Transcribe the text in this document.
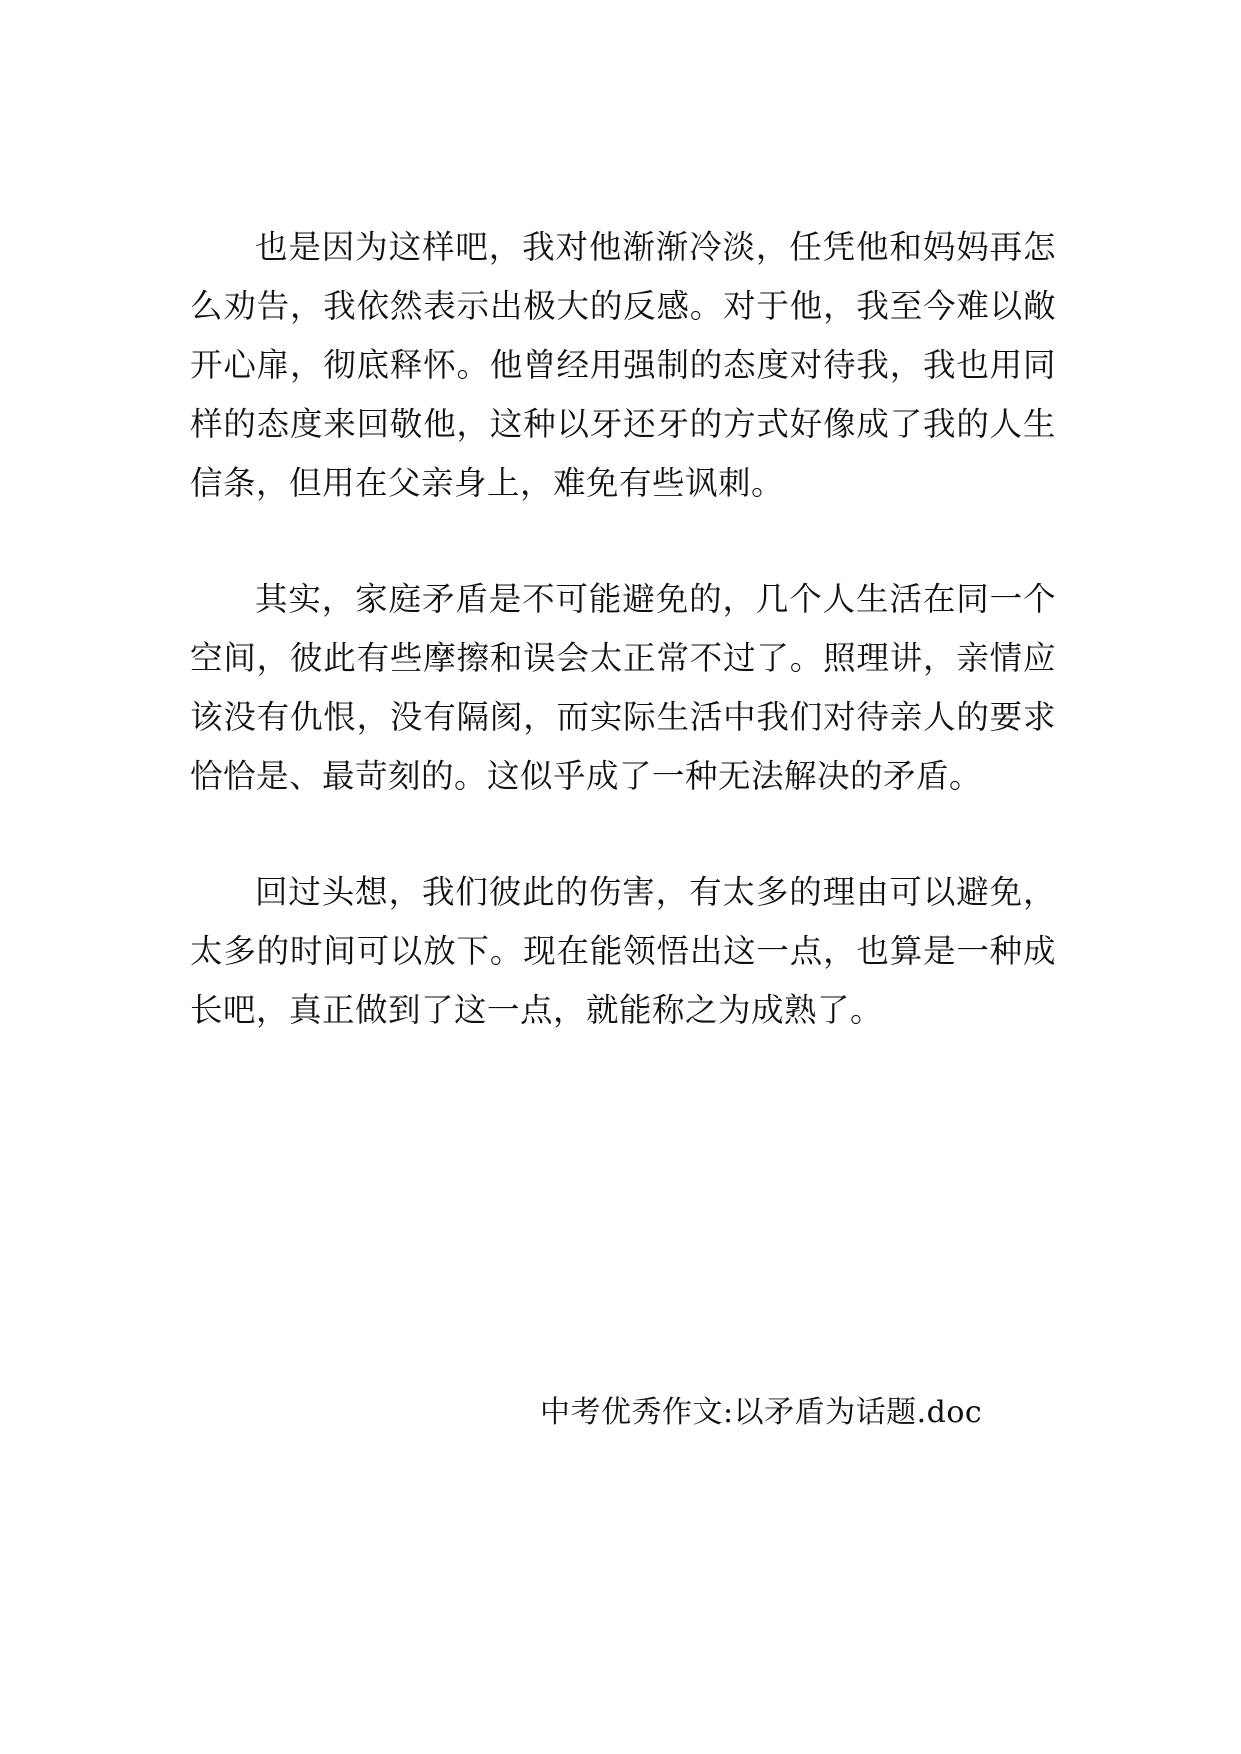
也是因为这样吧，我对他渐渐冷淡，任凭他和妈妈再怎么劝告，我依然表示出极大的反感。对于他，我至今难以敞开心扉，彻底释怀。他曾经用强制的态度对待我，我也用同样的态度来回敬他，这种以牙还牙的方式好像成了我的人生信条，但用在父亲身上，难免有些讽刺。

其实，家庭矛盾是不可能避免的，几个人生活在同一个空间，彼此有些摩擦和误会太正常不过了。照理讲，亲情应该没有仇恨，没有隔阂，而实际生活中我们对待亲人的要求恰恰是、最苛刻的。这似乎成了一种无法解决的矛盾。

回过头想，我们彼此的伤害，有太多的理由可以避免，太多的时间可以放下。现在能领悟出这一点，也算是一种成长吧，真正做到了这一点，就能称之为成熟了。

中考优秀作文:以矛盾为话题.doc
